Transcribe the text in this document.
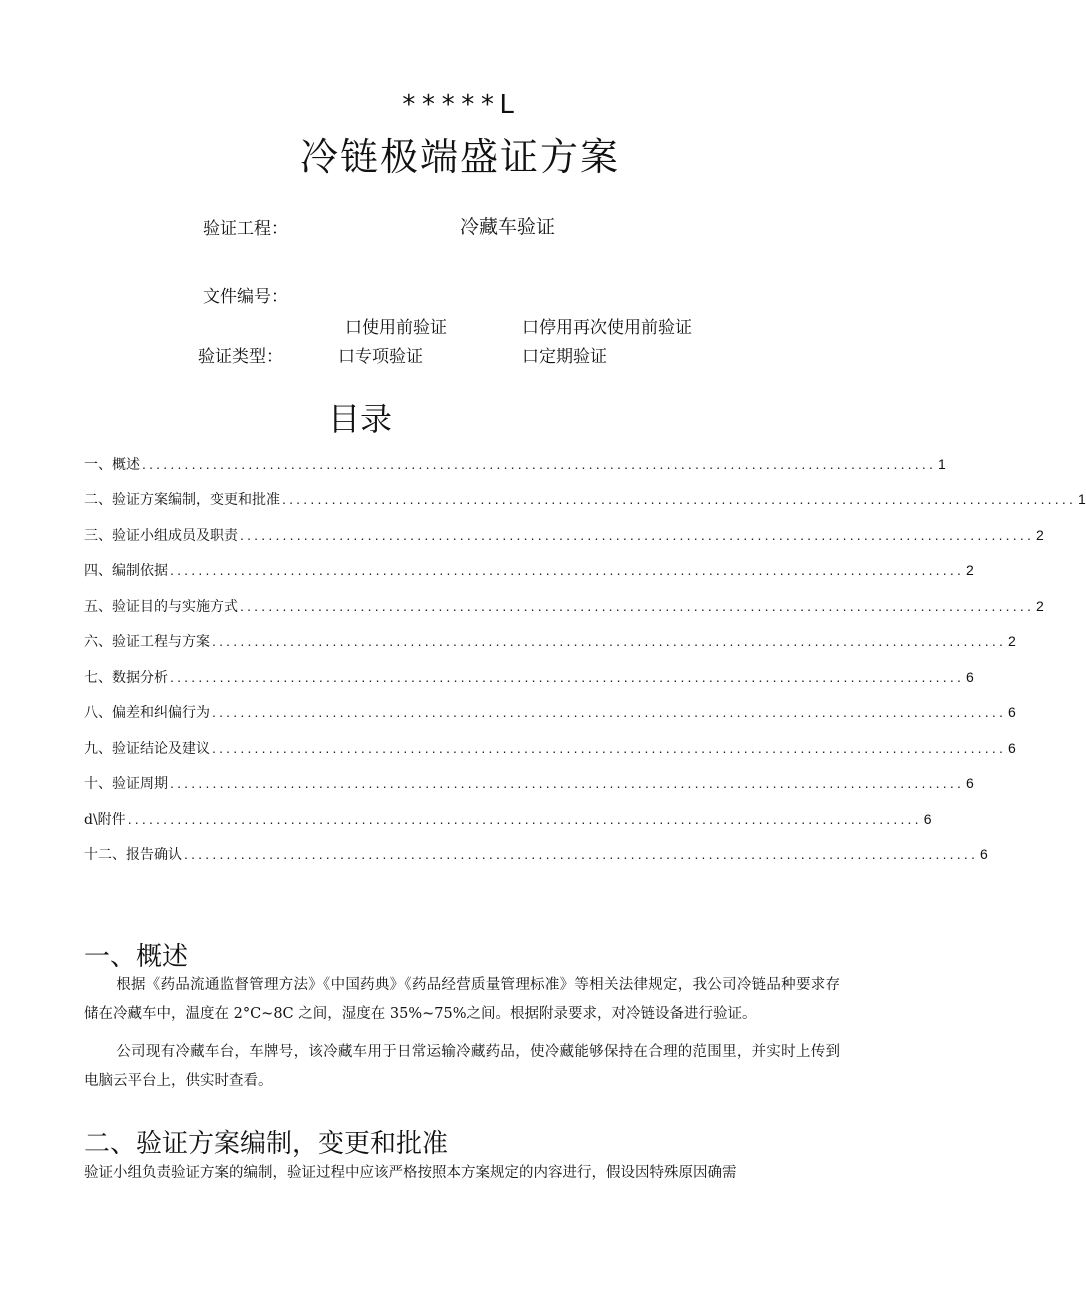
*****L
冷链极端盛证方案
验证工程：	冷藏车验证
文件编号：
口使用前验证	口停用再次使用前验证
验证类型：	口专项验证	口定期验证
目录
一、概述 ................................................................................................................ 1
二、验证方案编制，变更和批准 ................................................................................................................ 1
三、验证小组成员及职责 ................................................................................................................ 2
四、编制依据 ................................................................................................................ 2
五、验证目的与实施方式 ................................................................................................................ 2
六、验证工程与方案 ................................................................................................................ 2
七、数据分析 ................................................................................................................ 6
八、偏差和纠偏行为 ................................................................................................................ 6
九、验证结论及建议 ................................................................................................................ 6
十、验证周期 ................................................................................................................ 6
d\附件 ................................................................................................................ 6
十二、报告确认 ................................................................................................................ 6
一、概述
根据《药品流通监督管理方法》《中国药典》《药品经营质量管理标准》等相关法律规定，我公司冷链品种要求存储在冷藏车中，温度在 2°C~8C 之间，湿度在 35%~75%之间。根据附录要求，对冷链设备进行验证。
公司现有冷藏车台，车牌号，该冷藏车用于日常运输冷藏药品，使冷藏能够保持在合理的范围里，并实时上传到电脑云平台上，供实时查看。
二、验证方案编制，变更和批准
验证小组负责验证方案的编制，验证过程中应该严格按照本方案规定的内容进行，假设因特殊原因确需
